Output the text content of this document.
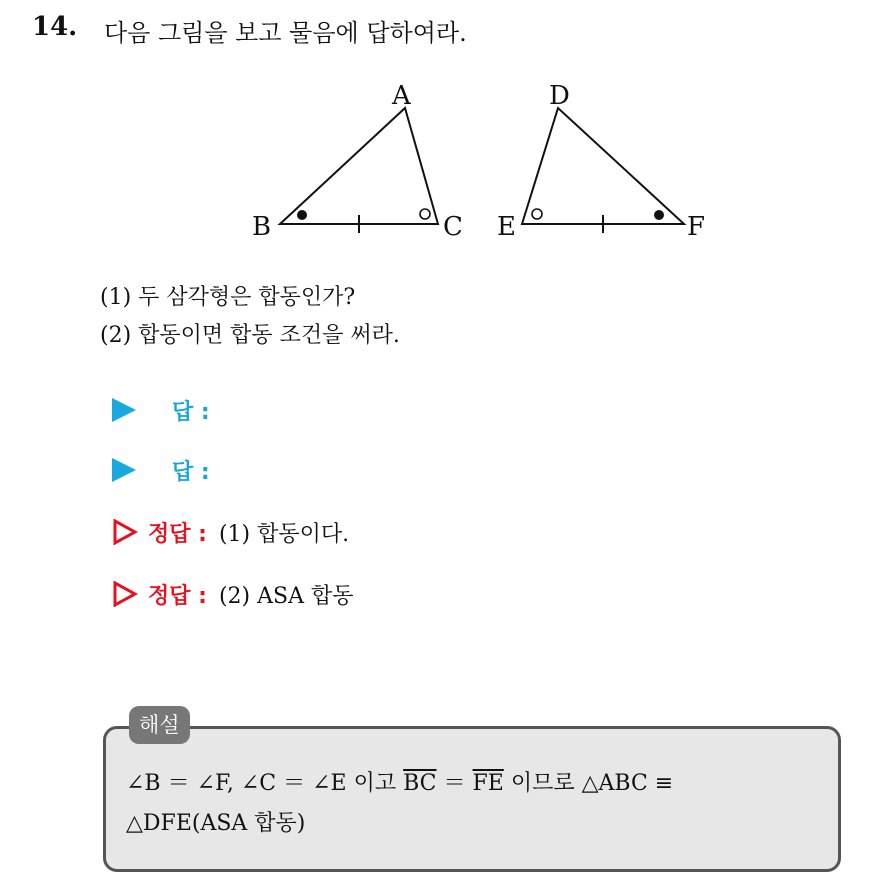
14. 다음 그림을 보고 물음에 답하여라.
A
B	C
D
E	F
(1) 두 삼각형은 합동인가?
(2) 합동이면 합동 조건을 써라.
답 :
답 :
정답 : (1) 합동이다.
정답 : (2) ASA 합동
해설
∠B ＝ ∠F, ∠C ＝ ∠E 이고 $\overline{BC} = \overline{FE}$ 이므로 △ABC ≡
△DFE(ASA 합동)
